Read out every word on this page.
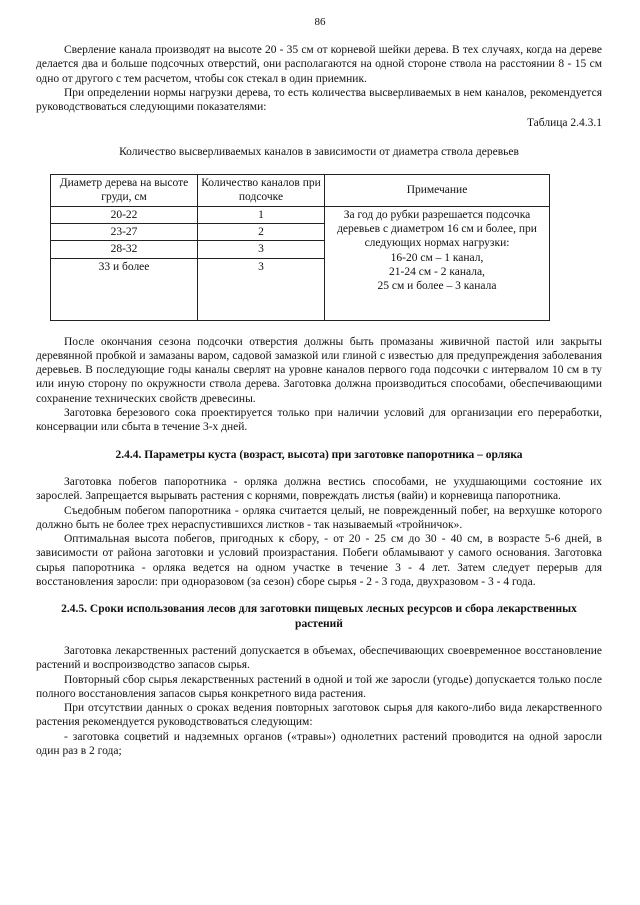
86

Сверление канала производят на высоте 20 - 35 см от корневой шейки дерева. В тех случаях, когда на дереве делается два и больше подсочных отверстий, они располагаются на одной стороне ствола на расстоянии 8 - 15 см одно от другого с тем расчетом, чтобы сок стекал в один приемник.

При определении нормы нагрузки дерева, то есть количества высверливаемых в нем каналов, рекомендуется руководствоваться следующими показателями:

Таблица 2.4.3.1

Количество высверливаемых каналов в зависимости от диаметра ствола деревьев

Диаметр дерева на высоте груди, см	Количество каналов при подсочке	Примечание
20-22	1	За год до рубки разрешается подсочка деревьев с диаметром 16 см и более, при следующих нормах нагрузки:
16-20 см – 1 канал,
21-24 см - 2 канала,
25 см и более – 3 канала

23-27	2	
28-32	3	
33 и более	3	

После окончания сезона подсочки отверстия должны быть промазаны живичной пастой или закрыты деревянной пробкой и замазаны варом, садовой замазкой или глиной с известью для предупреждения заболевания деревьев. В последующие годы каналы сверлят на уровне каналов первого года подсочки с интервалом 10 см в ту или иную сторону по окружности ствола дерева. Заготовка должна производиться способами, обеспечивающими сохранение технических свойств древесины.

Заготовка березового сока проектируется только при наличии условий для организации его переработки, консервации или сбыта в течение 3-х дней.

2.4.4. Параметры куста (возраст, высота) при заготовке папоротника – орляка

Заготовка побегов папоротника - орляка должна вестись способами, не ухудшающими состояние их зарослей. Запрещается вырывать растения с корнями, повреждать листья (вайи) и корневища папоротника.

Съедобным побегом папоротника - орляка считается целый, не поврежденный побег, на верхушке которого должно быть не более трех нераспустившихся листков - так называемый «тройничок».

Оптимальная высота побегов, пригодных к сбору, - от 20 - 25 см до 30 - 40 см, в возрасте 5-6 дней, в зависимости от района заготовки и условий произрастания. Побеги обламывают у самого основания. Заготовка сырья папоротника - орляка ведется на одном участке в течение 3 - 4 лет. Затем следует перерыв для восстановления заросли: при одноразовом (за сезон) сборе сырья - 2 - 3 года, двухразовом - 3 - 4 года.

2.4.5. Сроки использования лесов для заготовки пищевых лесных ресурсов и сбора лекарственных растений

Заготовка лекарственных растений допускается в объемах, обеспечивающих своевременное восстановление растений и воспроизводство запасов сырья.

Повторный сбор сырья лекарственных растений в одной и той же заросли (угодье) допускается только после полного восстановления запасов сырья конкретного вида растения.

При отсутствии данных о сроках ведения повторных заготовок сырья для какого-либо вида лекарственного растения рекомендуется руководствоваться следующим:

- заготовка соцветий и надземных органов («травы») однолетних растений проводится на одной заросли один раз в 2 года;
